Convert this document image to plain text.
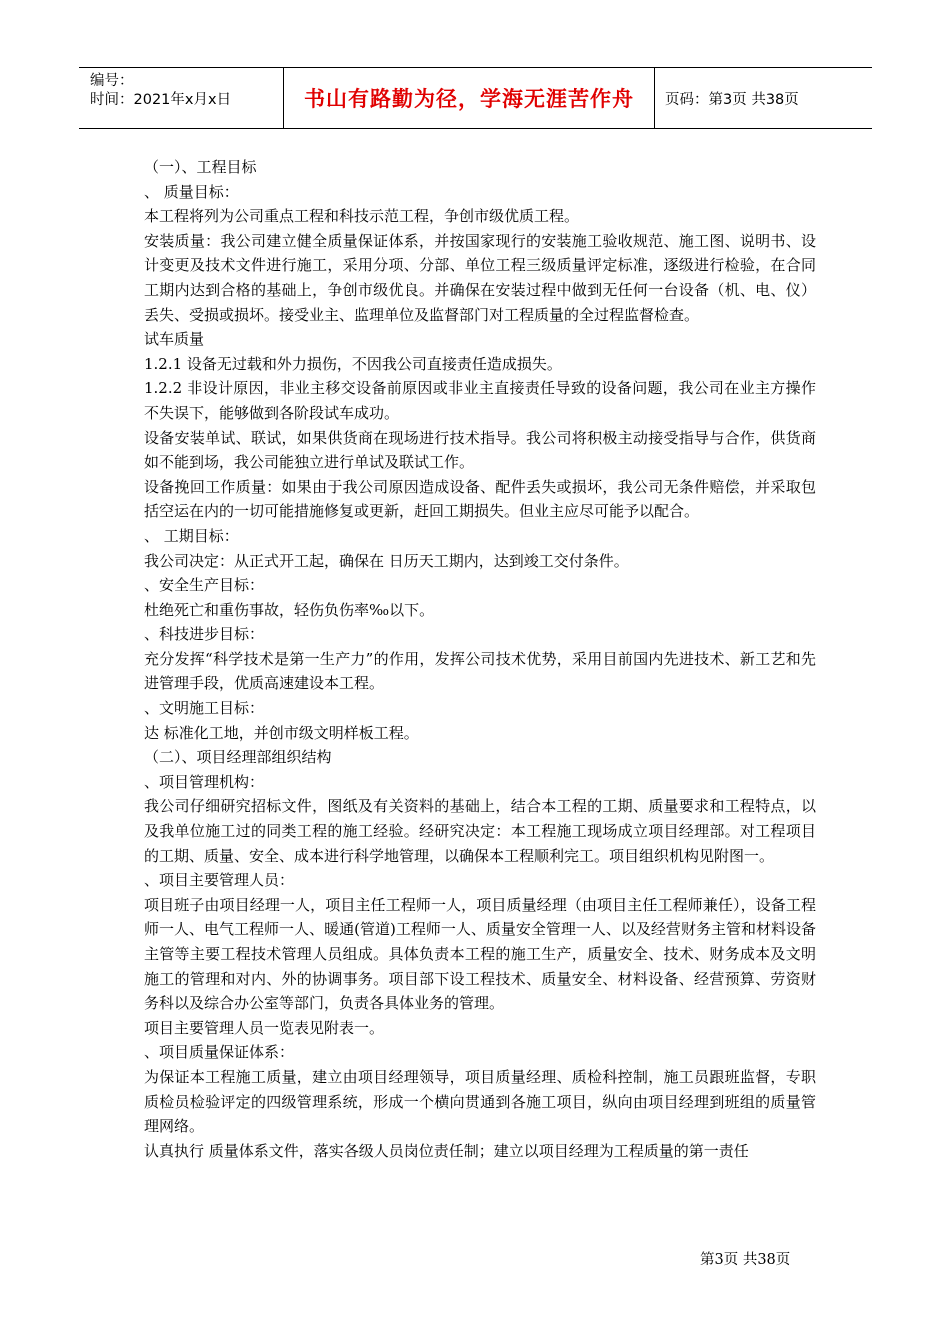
编号：
时间：2021年x月x日	书山有路勤为径，学海无涯苦作舟	页码：第3页 共38页

（一）、工程目标

、 质量目标：

本工程将列为公司重点工程和科技示范工程，争创市级优质工程。

安装质量：我公司建立健全质量保证体系，并按国家现行的安装施工验收规范、施工图、说明书、设计变更及技术文件进行施工，采用分项、分部、单位工程三级质量评定标准，逐级进行检验，在合同工期内达到合格的基础上，争创市级优良。并确保在安装过程中做到无任何一台设备（机、电、仪）丢失、受损或损坏。接受业主、监理单位及监督部门对工程质量的全过程监督检查。

试车质量

1.2.1 设备无过载和外力损伤，不因我公司直接责任造成损失。

1.2.2 非设计原因，非业主移交设备前原因或非业主直接责任导致的设备问题，我公司在业主方操作不失误下，能够做到各阶段试车成功。

设备安装单试、联试，如果供货商在现场进行技术指导。我公司将积极主动接受指导与合作，供货商如不能到场，我公司能独立进行单试及联试工作。

设备挽回工作质量：如果由于我公司原因造成设备、配件丢失或损坏，我公司无条件赔偿，并采取包括空运在内的一切可能措施修复或更新，赶回工期损失。但业主应尽可能予以配合。

、 工期目标：

我公司决定：从正式开工起，确保在 日历天工期内，达到竣工交付条件。

、安全生产目标：

杜绝死亡和重伤事故，轻伤负伤率‰以下。

、科技进步目标：

充分发挥“科学技术是第一生产力”的作用，发挥公司技术优势，采用目前国内先进技术、新工艺和先进管理手段，优质高速建设本工程。

、文明施工目标：

达 标准化工地，并创市级文明样板工程。

（二）、项目经理部组织结构

、项目管理机构：

我公司仔细研究招标文件，图纸及有关资料的基础上，结合本工程的工期、质量要求和工程特点，以及我单位施工过的同类工程的施工经验。经研究决定：本工程施工现场成立项目经理部。对工程项目的工期、质量、安全、成本进行科学地管理，以确保本工程顺利完工。项目组织机构见附图一。

、项目主要管理人员：

项目班子由项目经理一人，项目主任工程师一人，项目质量经理（由项目主任工程师兼任），设备工程师一人、电气工程师一人、暖通(管道)工程师一人、质量安全管理一人、以及经营财务主管和材料设备主管等主要工程技术管理人员组成。具体负责本工程的施工生产，质量安全、技术、财务成本及文明施工的管理和对内、外的协调事务。项目部下设工程技术、质量安全、材料设备、经营预算、劳资财务科以及综合办公室等部门，负责各具体业务的管理。

项目主要管理人员一览表见附表一。

、项目质量保证体系：

为保证本工程施工质量，建立由项目经理领导，项目质量经理、质检科控制，施工员跟班监督，专职质检员检验评定的四级管理系统，形成一个横向贯通到各施工项目，纵向由项目经理到班组的质量管理网络。

认真执行 质量体系文件，落实各级人员岗位责任制；建立以项目经理为工程质量的第一责任

第3页 共38页
